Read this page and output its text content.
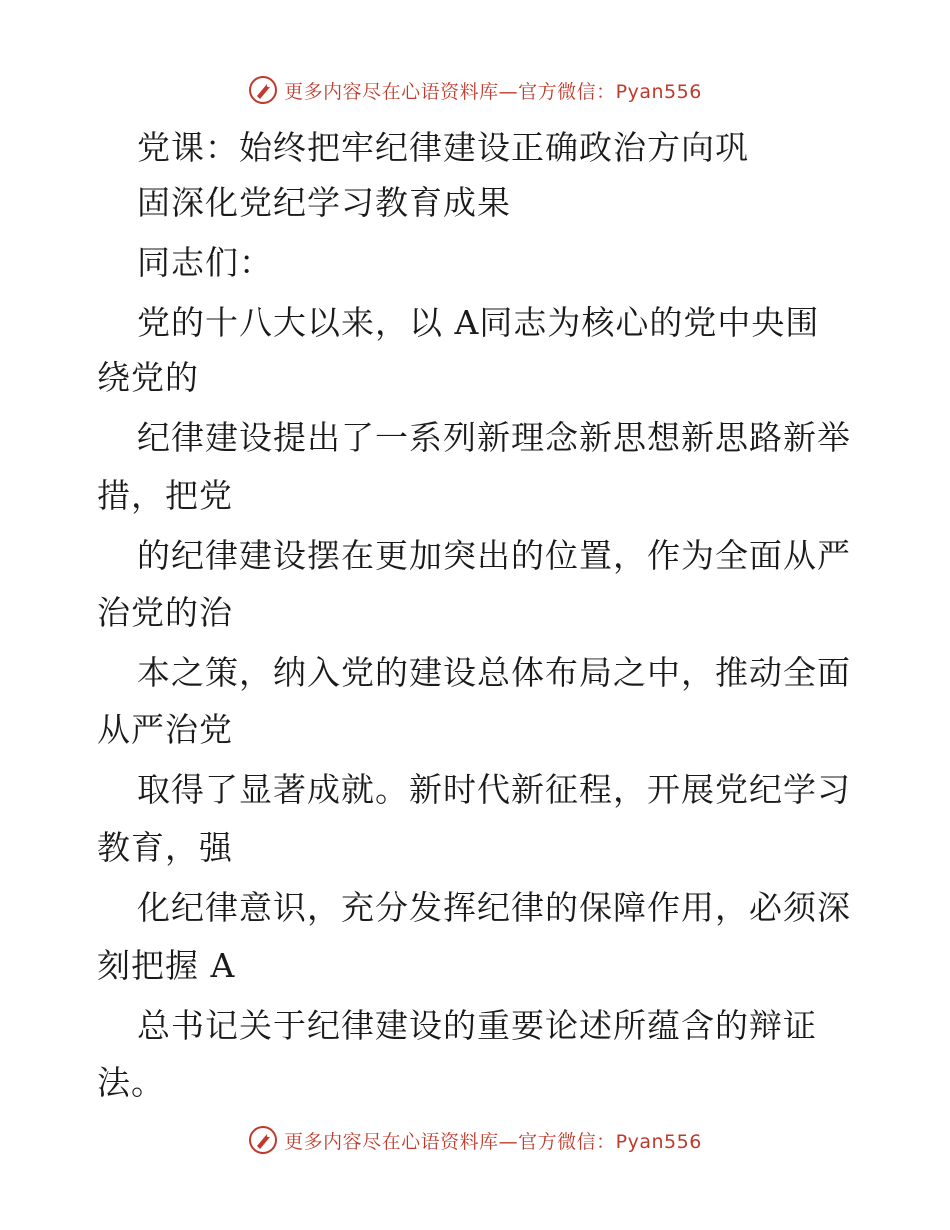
更多内容尽在心语资料库—官方微信：Pyan556
党课：始终把牢纪律建设正确政治方向巩
固深化党纪学习教育成果
同志们：
党的十八大以来，以 A同志为核心的党中央围
绕党的
纪律建设提出了一系列新理念新思想新思路新举
措，把党
的纪律建设摆在更加突出的位置，作为全面从严
治党的治
本之策，纳入党的建设总体布局之中，推动全面
从严治党
取得了显著成就。新时代新征程，开展党纪学习
教育，强
化纪律意识，充分发挥纪律的保障作用，必须深
刻把握 A
总书记关于纪律建设的重要论述所蕴含的辩证
法。
更多内容尽在心语资料库—官方微信：Pyan556
